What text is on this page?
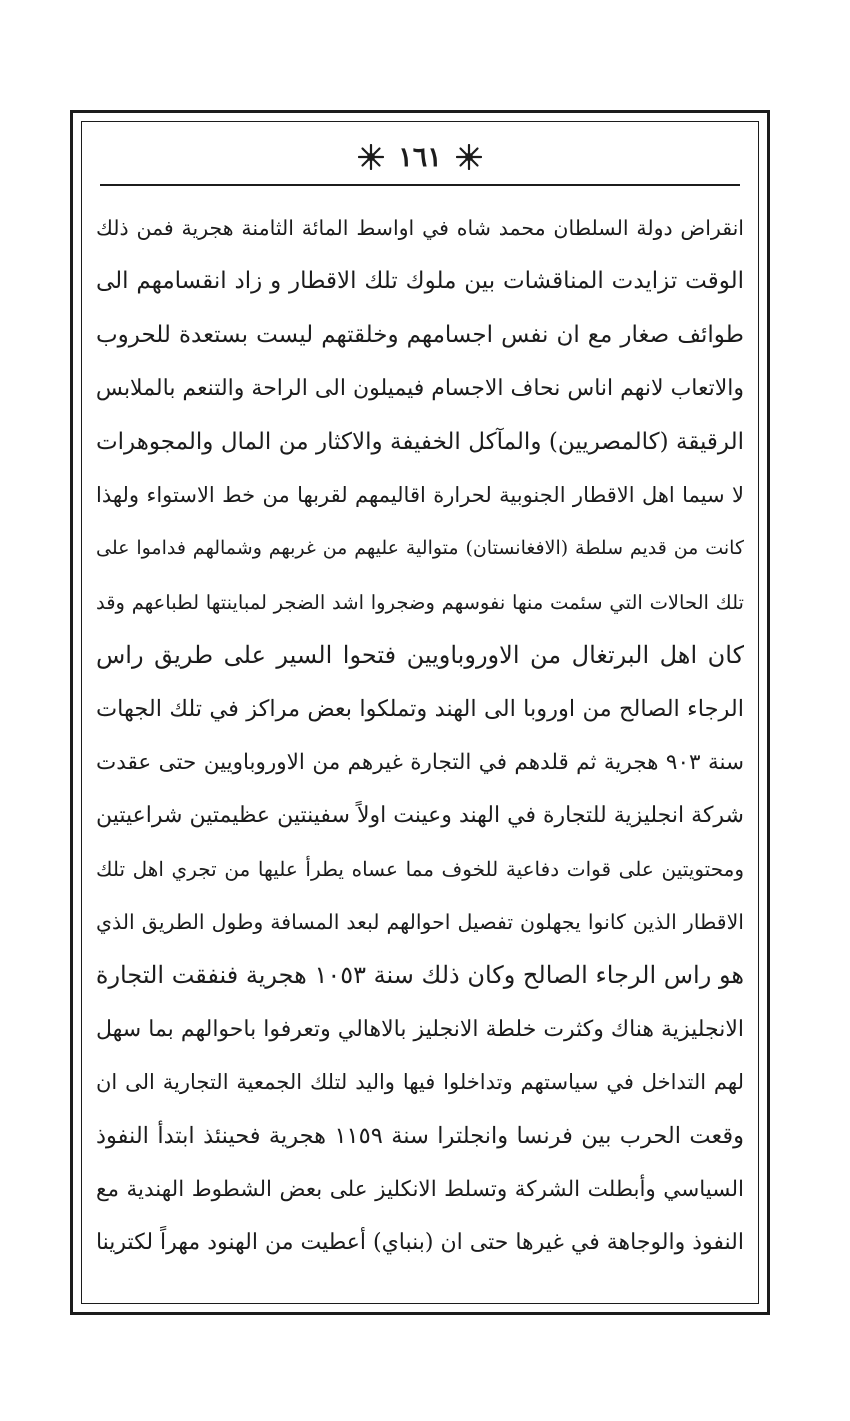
١٦١
انقراض دولة السلطان محمد شاه في اواسط المائة الثامنة هجرية فمن ذلك
الوقت تزايدت المناقشات بين ملوك تلك الاقطار و زاد انقسامهم الى
طوائف صغار مع ان نفس اجسامهم وخلقتهم ليست بستعدة للحروب
والاتعاب لانهم اناس نحاف الاجسام فيميلون الى الراحة والتنعم بالملابس
الرقيقة (كالمصريين) والمآكل الخفيفة والاكثار من المال والمجوهرات
لا سيما اهل الاقطار الجنوبية لحرارة اقاليمهم لقربها من خط الاستواء ولهذا
كانت من قديم سلطة (الافغانستان) متوالية عليهم من غربهم وشمالهم فداموا على
تلك الحالات التي سئمت منها نفوسهم وضجروا اشد الضجر لمباينتها لطباعهم وقد
كان اهل البرتغال من الاوروباويين فتحوا السير على طريق راس
الرجاء الصالح من اوروبا الى الهند وتملكوا بعض مراكز في تلك الجهات
سنة ٩٠٣ هجرية ثم قلدهم في التجارة غيرهم من الاوروباويين حتى عقدت
شركة انجليزية للتجارة في الهند وعينت اولاً سفينتين عظيمتين شراعيتين
ومحتويتين على قوات دفاعية للخوف مما عساه يطرأ عليها من تجري اهل تلك
الاقطار الذين كانوا يجهلون تفصيل احوالهم لبعد المسافة وطول الطريق الذي
هو راس الرجاء الصالح وكان ذلك سنة ١٠٥٣ هجرية فنفقت التجارة
الانجليزية هناك وكثرت خلطة الانجليز بالاهالي وتعرفوا باحوالهم بما سهل
لهم التداخل في سياستهم وتداخلوا فيها واليد لتلك الجمعية التجارية الى ان
وقعت الحرب بين فرنسا وانجلترا سنة ١١٥٩ هجرية فحينئذ ابتدأ النفوذ
السياسي وأبطلت الشركة وتسلط الانكليز على بعض الشطوط الهندية مع
النفوذ والوجاهة في غيرها حتى ان (بنباي) أعطيت من الهنود مهراً لكترينا
